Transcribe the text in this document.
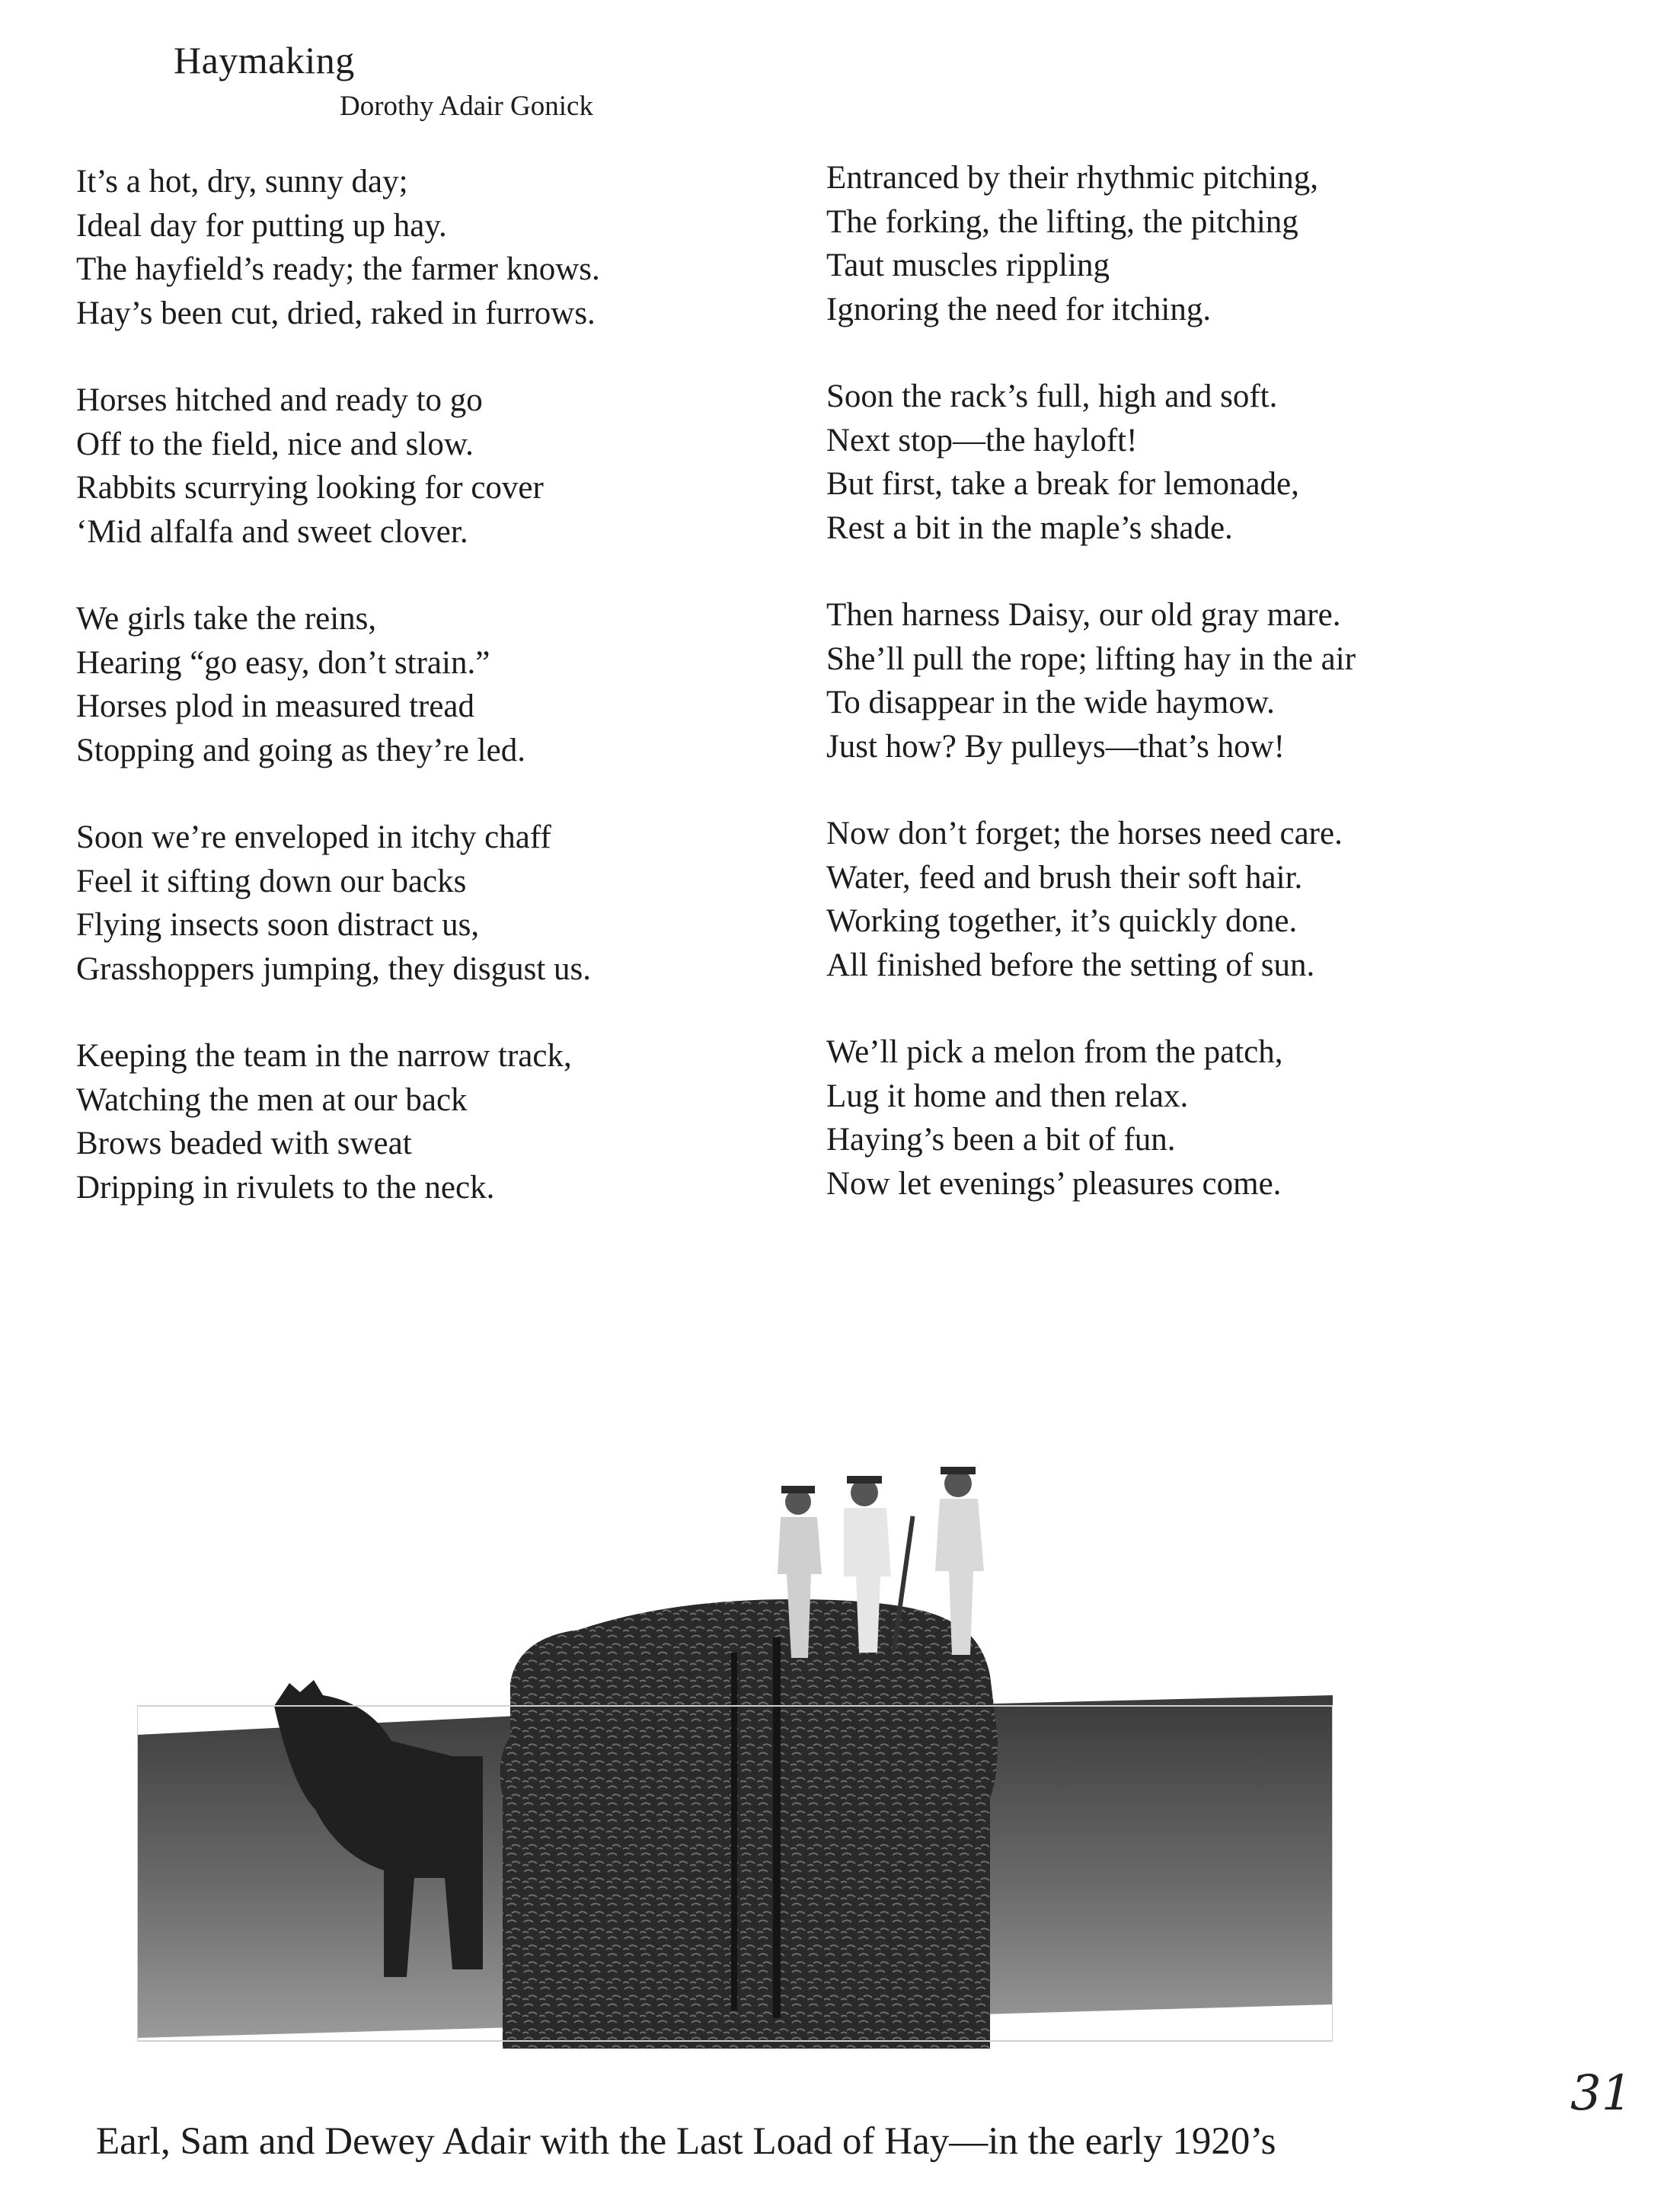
Haymaking
Dorothy Adair Gonick
It’s a hot, dry, sunny day;
Ideal day for putting up hay.
The hayfield’s ready; the farmer knows.
Hay’s been cut, dried, raked in furrows.
Horses hitched and ready to go
Off to the field, nice and slow.
Rabbits scurrying looking for cover
‘Mid alfalfa and sweet clover.
We girls take the reins,
Hearing “go easy, don’t strain.”
Horses plod in measured tread
Stopping and going as they’re led.
Soon we’re enveloped in itchy chaff
Feel it sifting down our backs
Flying insects soon distract us,
Grasshoppers jumping, they disgust us.
Keeping the team in the narrow track,
Watching the men at our back
Brows beaded with sweat
Dripping in rivulets to the neck.
Entranced by their rhythmic pitching,
The forking, the lifting, the pitching
Taut muscles rippling
Ignoring the need for itching.
Soon the rack’s full, high and soft.
Next stop—the hayloft!
But first, take a break for lemonade,
Rest a bit in the maple’s shade.
Then harness Daisy, our old gray mare.
She’ll pull the rope; lifting hay in the air
To disappear in the wide haymow.
Just how? By pulleys—that’s how!
Now don’t forget; the horses need care.
Water, feed and brush their soft hair.
Working together, it’s quickly done.
All finished before the setting of sun.
We’ll pick a melon from the patch,
Lug it home and then relax.
Haying’s been a bit of fun.
Now let evenings’ pleasures come.
Earl, Sam and Dewey Adair with the Last Load of Hay—in the early 1920’s
31
